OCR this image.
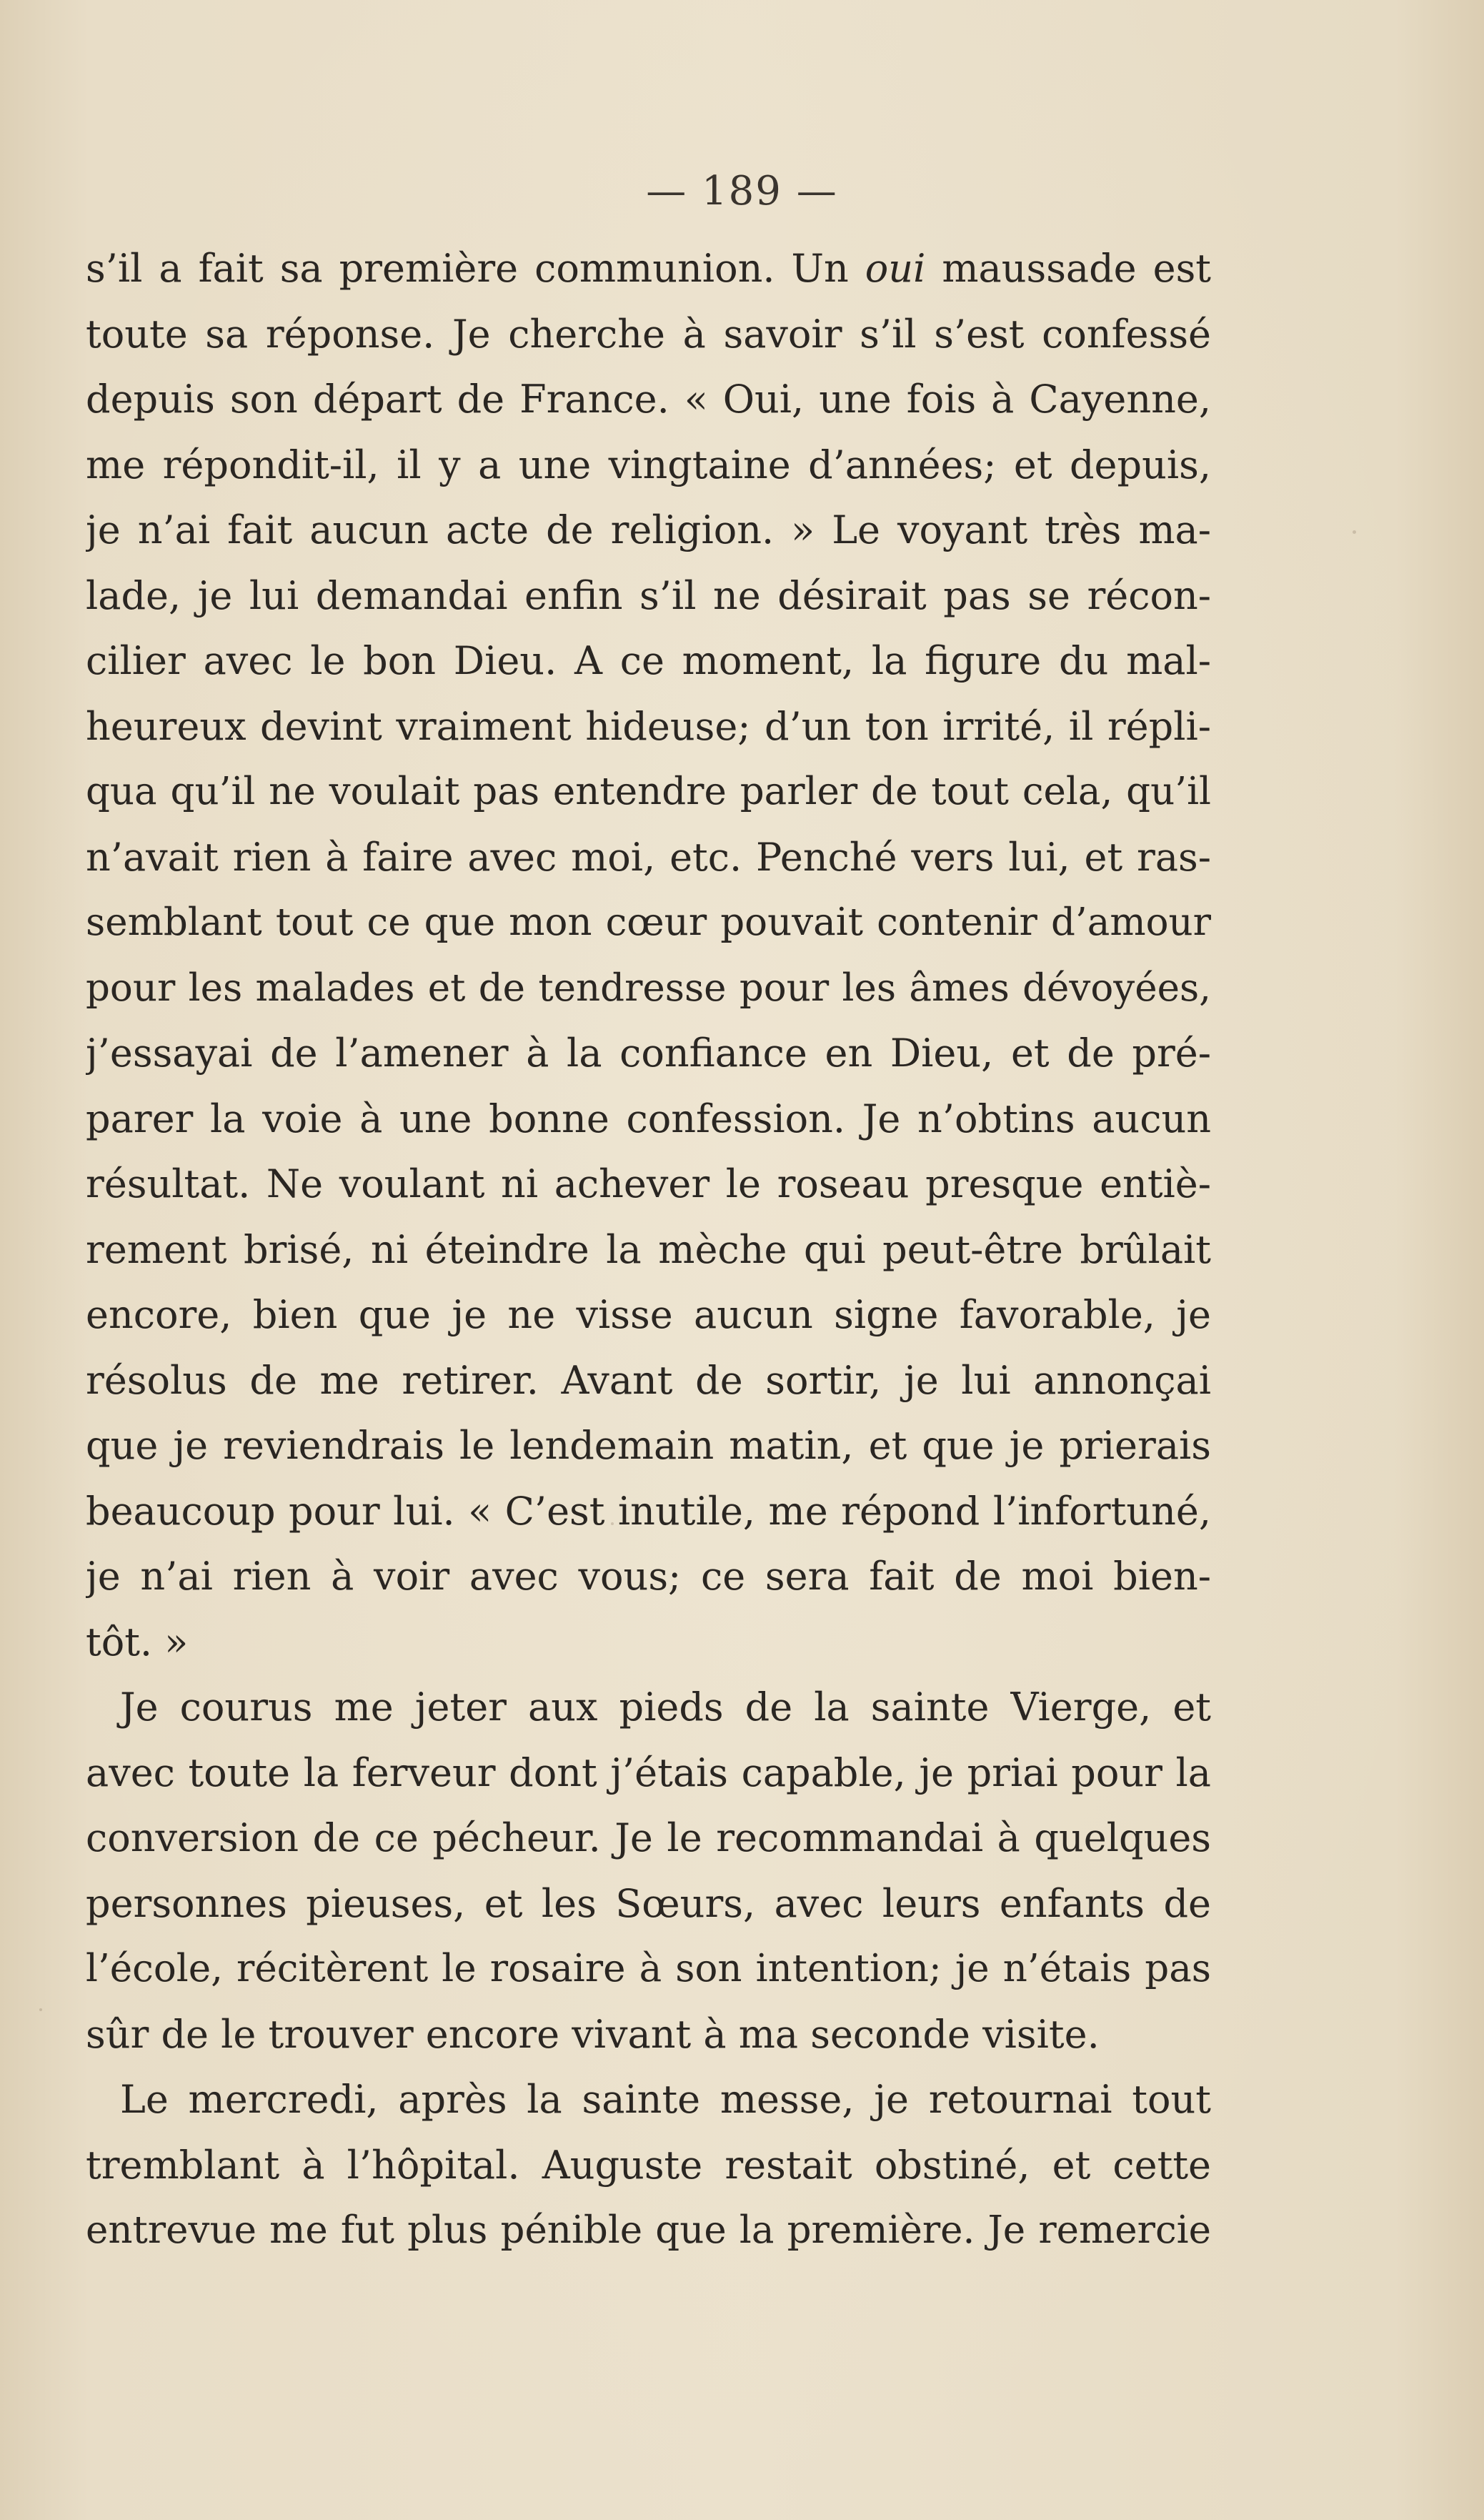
— 189 —
s’il a fait sa première communion. Un oui maussade est
toute sa réponse. Je cherche à savoir s’il s’est confessé
depuis son départ de France. « Oui, une fois à Cayenne,
me répondit-il, il y a une vingtaine d’années; et depuis,
je n’ai fait aucun acte de religion. » Le voyant très ma-
lade, je lui demandai enfin s’il ne désirait pas se récon-
cilier avec le bon Dieu. A ce moment, la figure du mal-
heureux devint vraiment hideuse; d’un ton irrité, il répli-
qua qu’il ne voulait pas entendre parler de tout cela, qu’il
n’avait rien à faire avec moi, etc. Penché vers lui, et ras-
semblant tout ce que mon cœur pouvait contenir d’amour
pour les malades et de tendresse pour les âmes dévoyées,
j’essayai de l’amener à la confiance en Dieu, et de pré-
parer la voie à une bonne confession. Je n’obtins aucun
résultat. Ne voulant ni achever le roseau presque entiè-
rement brisé, ni éteindre la mèche qui peut-être brûlait
encore, bien que je ne visse aucun signe favorable, je
résolus de me retirer. Avant de sortir, je lui annonçai
que je reviendrais le lendemain matin, et que je prierais
beaucoup pour lui. « C’est inutile, me répond l’infortuné,
je n’ai rien à voir avec vous; ce sera fait de moi bien-
tôt. »
Je courus me jeter aux pieds de la sainte Vierge, et
avec toute la ferveur dont j’étais capable, je priai pour la
conversion de ce pécheur. Je le recommandai à quelques
personnes pieuses, et les Sœurs, avec leurs enfants de
l’école, récitèrent le rosaire à son intention; je n’étais pas
sûr de le trouver encore vivant à ma seconde visite.
Le mercredi, après la sainte messe, je retournai tout
tremblant à l’hôpital. Auguste restait obstiné, et cette
entrevue me fut plus pénible que la première. Je remercie
